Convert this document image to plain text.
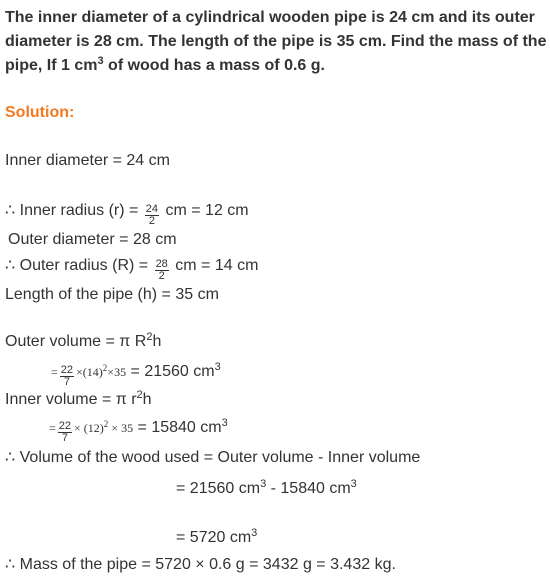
The inner diameter of a cylindrical wooden pipe is 24 cm and its outer
diameter is 28 cm. The length of the pipe is 35 cm. Find the mass of the
pipe, If 1 $cm^3$ of wood has a mass of 0.6 g.
Solution:
Inner diameter = 24 cm
∴ Inner radius $(r) = \frac{24}{2}$ cm = 12 cm
Outer diameter = 28 cm
∴ Outer radius $(R) = \frac{28}{2}$ cm = 14 cm
Length of the pipe (h) = 35 cm
Outer volume = π $R^2h$
= $\frac{22}{7} \times(14)^2\times 35 = 21560$ $cm^3$
Inner volume = π $r^2h$
= $\frac{22}{7} \times (12)^2 \times 35 = 15840$ $cm^3$
∴ Volume of the wood used = Outer volume - Inner volume
= 21560 $cm^3 - 15840$ $cm^3$
= 5720 $cm^3$
∴ Mass of the pipe = 5720 × 0.6 g = 3432 g = 3.432 kg.
